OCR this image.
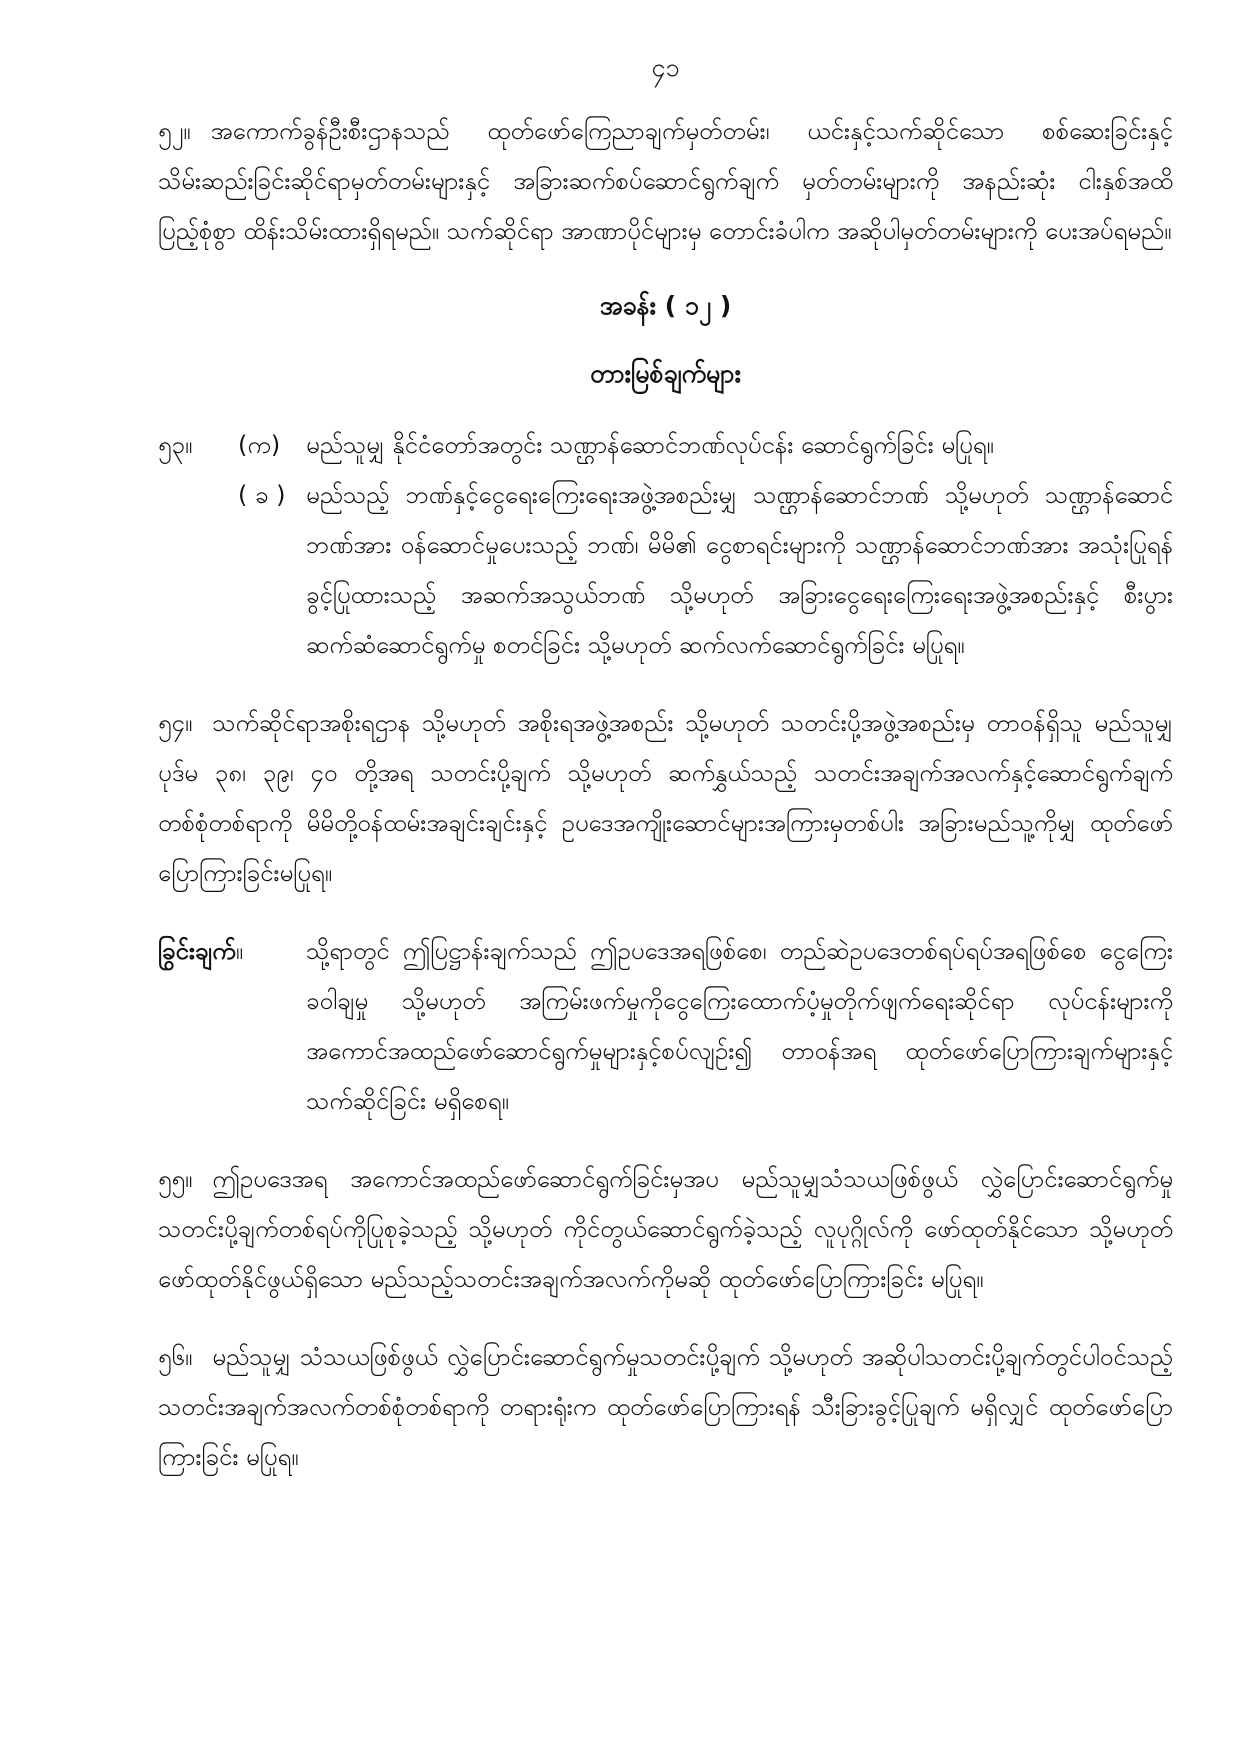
၄၁

၅၂။ အကောက်ခွန်ဦးစီးဌာနသည် ထုတ်ဖော်ကြေညာချက်မှတ်တမ်း၊ ယင်းနှင့်သက်ဆိုင်သော စစ်ဆေးခြင်းနှင့် သိမ်းဆည်းခြင်းဆိုင်ရာမှတ်တမ်းများနှင့် အခြားဆက်စပ်ဆောင်ရွက်ချက် မှတ်တမ်းများကို အနည်းဆုံး ငါးနှစ်အထိ ပြည့်စုံစွာ ထိန်းသိမ်းထားရှိရမည်။ သက်ဆိုင်ရာ အာဏာပိုင်များမှ တောင်းခံပါက အဆိုပါမှတ်တမ်းများကို ပေးအပ်ရမည်။

အခန်း ( ၁၂ )
တားမြစ်ချက်များ
၅၃။	(က)	မည်သူမျှ နိုင်ငံတော်အတွင်း သဏ္ဌာန်ဆောင်ဘဏ်လုပ်ငန်း ဆောင်ရွက်ခြင်း မပြုရ။
( ခ ) မည်သည့် ဘဏ်နှင့်ငွေရေးကြေးရေးအဖွဲ့အစည်းမျှ သဏ္ဌာန်ဆောင်ဘဏ် သို့မဟုတ် သဏ္ဌာန်ဆောင်ဘဏ်အား ဝန်ဆောင်မှုပေးသည့် ဘဏ်၊ မိမိ၏ ငွေစာရင်းများကို သဏ္ဌာန်ဆောင်ဘဏ်အား အသုံးပြုရန် ခွင့်ပြုထားသည့် အဆက်အသွယ်ဘဏ် သို့မဟုတ် အခြားငွေရေးကြေးရေးအဖွဲ့အစည်းနှင့် စီးပွားဆက်ဆံဆောင်ရွက်မှု စတင်ခြင်း သို့မဟုတ် ဆက်လက်ဆောင်ရွက်ခြင်း မပြုရ။

၅၄။ သက်ဆိုင်ရာအစိုးရဌာန သို့မဟုတ် အစိုးရအဖွဲ့အစည်း သို့မဟုတ် သတင်းပို့အဖွဲ့အစည်းမှ တာဝန်ရှိသူ မည်သူမျှ ပုဒ်မ ၃၈၊ ၃၉၊ ၄၀ တို့အရ သတင်းပို့ချက် သို့မဟုတ် ဆက်နွှယ်သည့် သတင်းအချက်အလက်နှင့်ဆောင်ရွက်ချက် တစ်စုံတစ်ရာကို မိမိတို့ဝန်ထမ်းအချင်းချင်းနှင့် ဥပဒေအကျိုးဆောင်များအကြားမှတစ်ပါး အခြားမည်သူ့ကိုမျှ ထုတ်ဖော်ပြောကြားခြင်းမပြုရ။

ခြွင်းချက်။	သို့ရာတွင် ဤပြဋ္ဌာန်းချက်သည် ဤဥပဒေအရဖြစ်စေ၊ တည်ဆဲဥပဒေတစ်ရပ်ရပ်အရဖြစ်စေ ငွေကြေးခဝါချမှု သို့မဟုတ် အကြမ်းဖက်မှုကိုငွေကြေးထောက်ပံ့မှုတိုက်ဖျက်ရေးဆိုင်ရာ လုပ်ငန်းများကို အကောင်အထည်ဖော်ဆောင်ရွက်မှုများနှင့်စပ်လျဉ်း၍ တာဝန်အရ ထုတ်ဖော်ပြောကြားချက်များနှင့် သက်ဆိုင်ခြင်း မရှိစေရ။

၅၅။ ဤဥပဒေအရ အကောင်အထည်ဖော်ဆောင်ရွက်ခြင်းမှအပ မည်သူမျှသံသယဖြစ်ဖွယ် လွှဲပြောင်းဆောင်ရွက်မှု သတင်းပို့ချက်တစ်ရပ်ကိုပြုစုခဲ့သည့် သို့မဟုတ် ကိုင်တွယ်ဆောင်ရွက်ခဲ့သည့် လူပုဂ္ဂိုလ်ကို ဖော်ထုတ်နိုင်သော သို့မဟုတ် ဖော်ထုတ်နိုင်ဖွယ်ရှိသော မည်သည့်သတင်းအချက်အလက်ကိုမဆို ထုတ်ဖော်ပြောကြားခြင်း မပြုရ။

၅၆။ မည်သူမျှ သံသယဖြစ်ဖွယ် လွှဲပြောင်းဆောင်ရွက်မှုသတင်းပို့ချက် သို့မဟုတ် အဆိုပါသတင်းပို့ချက်တွင်ပါဝင်သည့် သတင်းအချက်အလက်တစ်စုံတစ်ရာကို တရားရုံးက ထုတ်ဖော်ပြောကြားရန် သီးခြားခွင့်ပြုချက် မရှိလျှင် ထုတ်ဖော်ပြောကြားခြင်း မပြုရ။
